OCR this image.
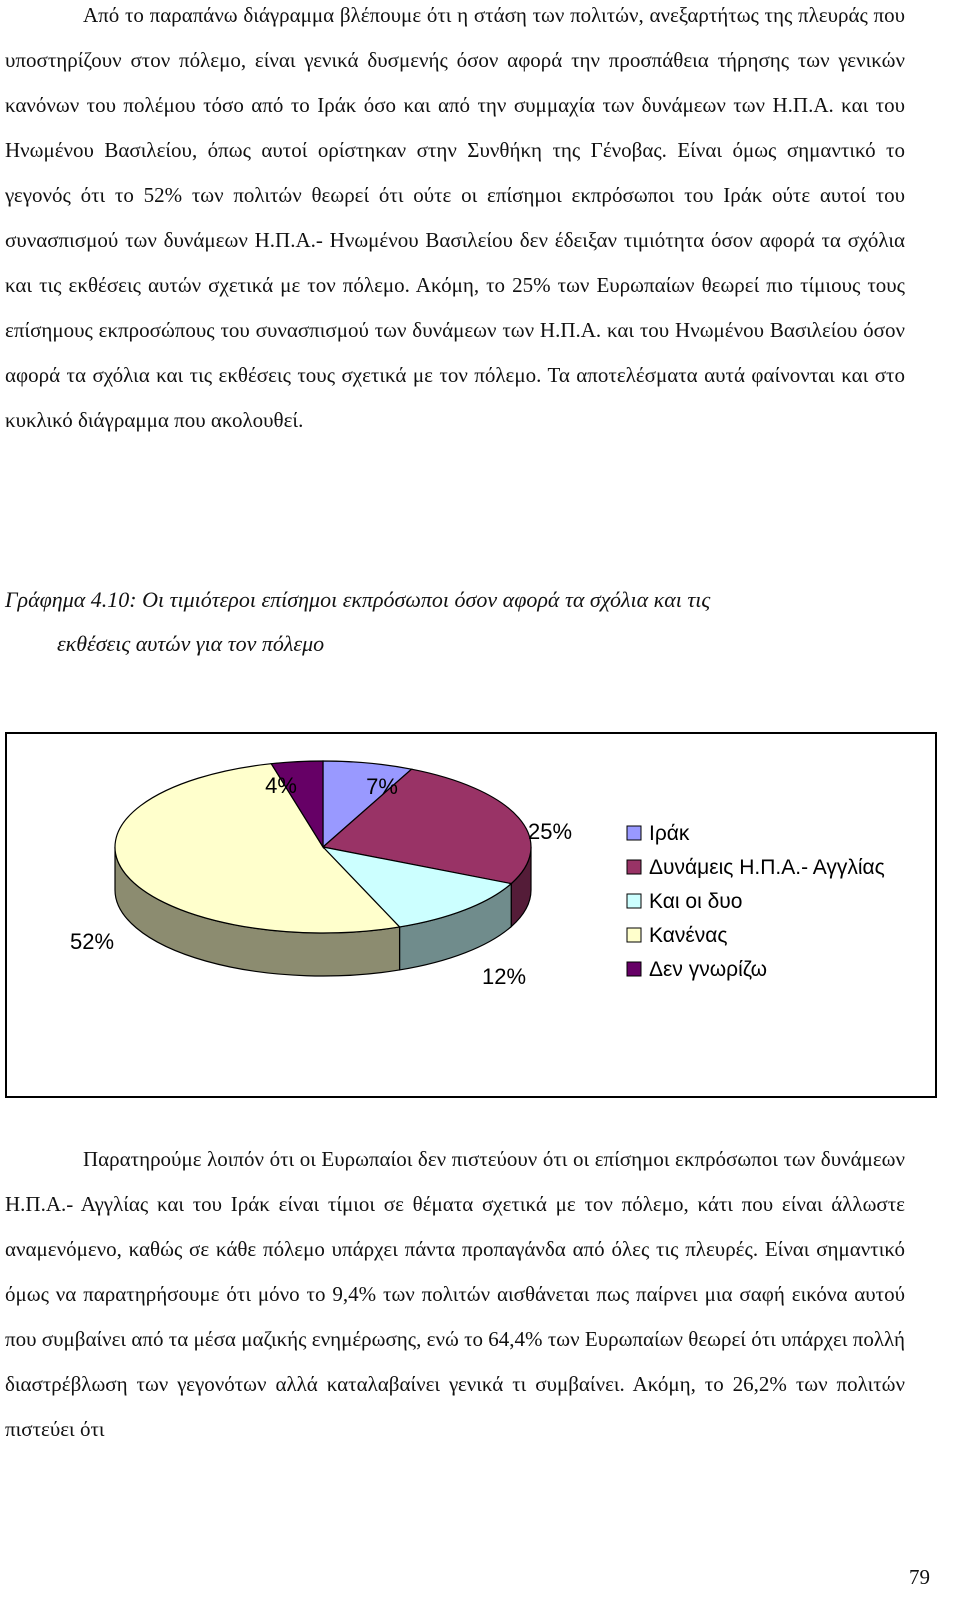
Από το παραπάνω διάγραμμα βλέπουμε ότι η στάση των πολιτών, ανεξαρτήτως της πλευράς που υποστηρίζουν στον πόλεμο, είναι γενικά δυσμενής όσον αφορά την προσπάθεια τήρησης των γενικών κανόνων του πολέμου τόσο από το Ιράκ όσο και από την συμμαχία των δυνάμεων των Η.Π.Α. και του Ηνωμένου Βασιλείου, όπως αυτοί ορίστηκαν στην Συνθήκη της Γένοβας. Είναι όμως σημαντικό το γεγονός ότι το 52% των πολιτών θεωρεί ότι ούτε οι επίσημοι εκπρόσωποι του Ιράκ ούτε αυτοί του συνασπισμού των δυνάμεων Η.Π.Α.- Ηνωμένου Βασιλείου δεν έδειξαν τιμιότητα όσον αφορά τα σχόλια και τις εκθέσεις αυτών σχετικά με τον πόλεμο. Ακόμη, το 25% των Ευρωπαίων θεωρεί πιο τίμιους τους επίσημους εκπροσώπους του συνασπισμού των δυνάμεων των Η.Π.Α. και του Ηνωμένου Βασιλείου όσον αφορά τα σχόλια και τις εκθέσεις τους σχετικά με τον πόλεμο. Τα αποτελέσματα αυτά φαίνονται και στο κυκλικό διάγραμμα που ακολουθεί.

Γράφημα 4.10: Οι τιμιότεροι επίσημοι εκπρόσωποι όσον αφορά τα σχόλια και τις
εκθέσεις αυτών για τον πόλεμο

7%
25%
12%
52%
4%
Ιράκ
Δυνάμεις Η.Π.Α.- Αγγλίας
Και οι δυο
Κανένας
Δεν γνωρίζω

Παρατηρούμε λοιπόν ότι οι Ευρωπαίοι δεν πιστεύουν ότι οι επίσημοι εκπρόσωποι των δυνάμεων Η.Π.Α.- Αγγλίας και του Ιράκ είναι τίμιοι σε θέματα σχετικά με τον πόλεμο, κάτι που είναι άλλωστε αναμενόμενο, καθώς σε κάθε πόλεμο υπάρχει πάντα προπαγάνδα από όλες τις πλευρές. Είναι σημαντικό όμως να παρατηρήσουμε ότι μόνο το 9,4% των πολιτών αισθάνεται πως παίρνει μια σαφή εικόνα αυτού που συμβαίνει από τα μέσα μαζικής ενημέρωσης, ενώ το 64,4% των Ευρωπαίων θεωρεί ότι υπάρχει πολλή διαστρέβλωση των γεγονότων αλλά καταλαβαίνει γενικά τι συμβαίνει. Ακόμη, το 26,2% των πολιτών πιστεύει ότι

79
